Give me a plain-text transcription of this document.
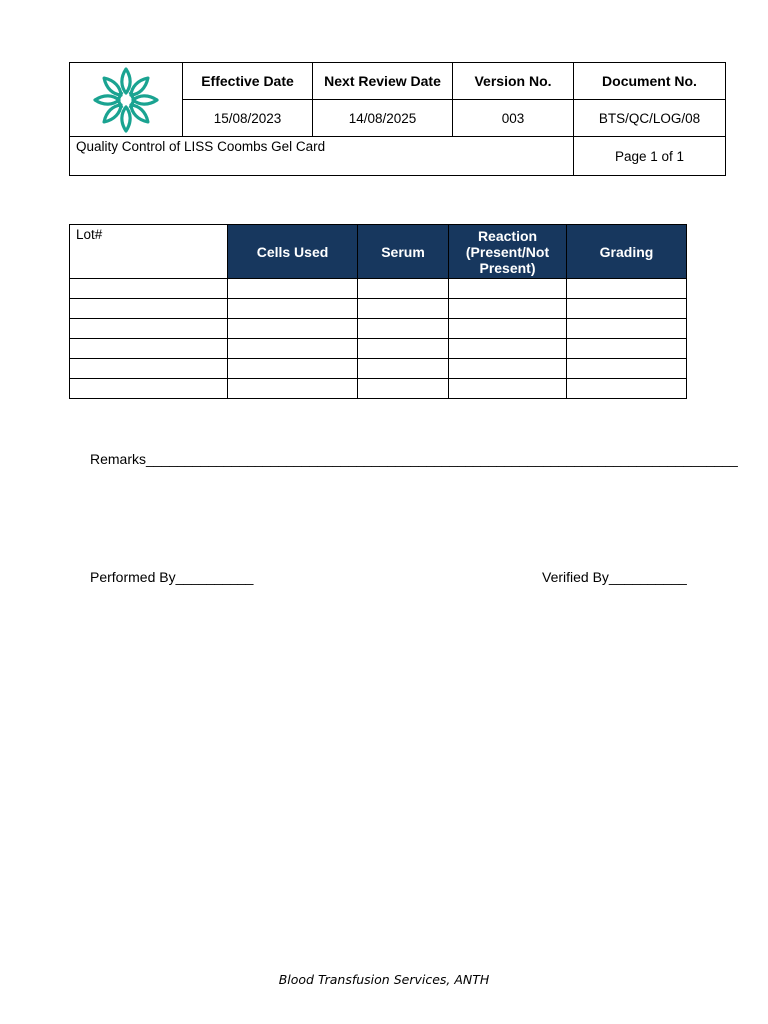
	Effective Date	Next Review Date	Version No.	Document No.
	15/08/2023	14/08/2025	003	BTS/QC/LOG/08
Quality Control of LISS Coombs Gel Card				Page 1 of 1
Lot#	Cells Used	Serum	Reaction (Present/Not Present)	Grading

Remarks____________________________________________________________________________
Performed By__________	Verified By__________
Blood Transfusion Services, ANTH
